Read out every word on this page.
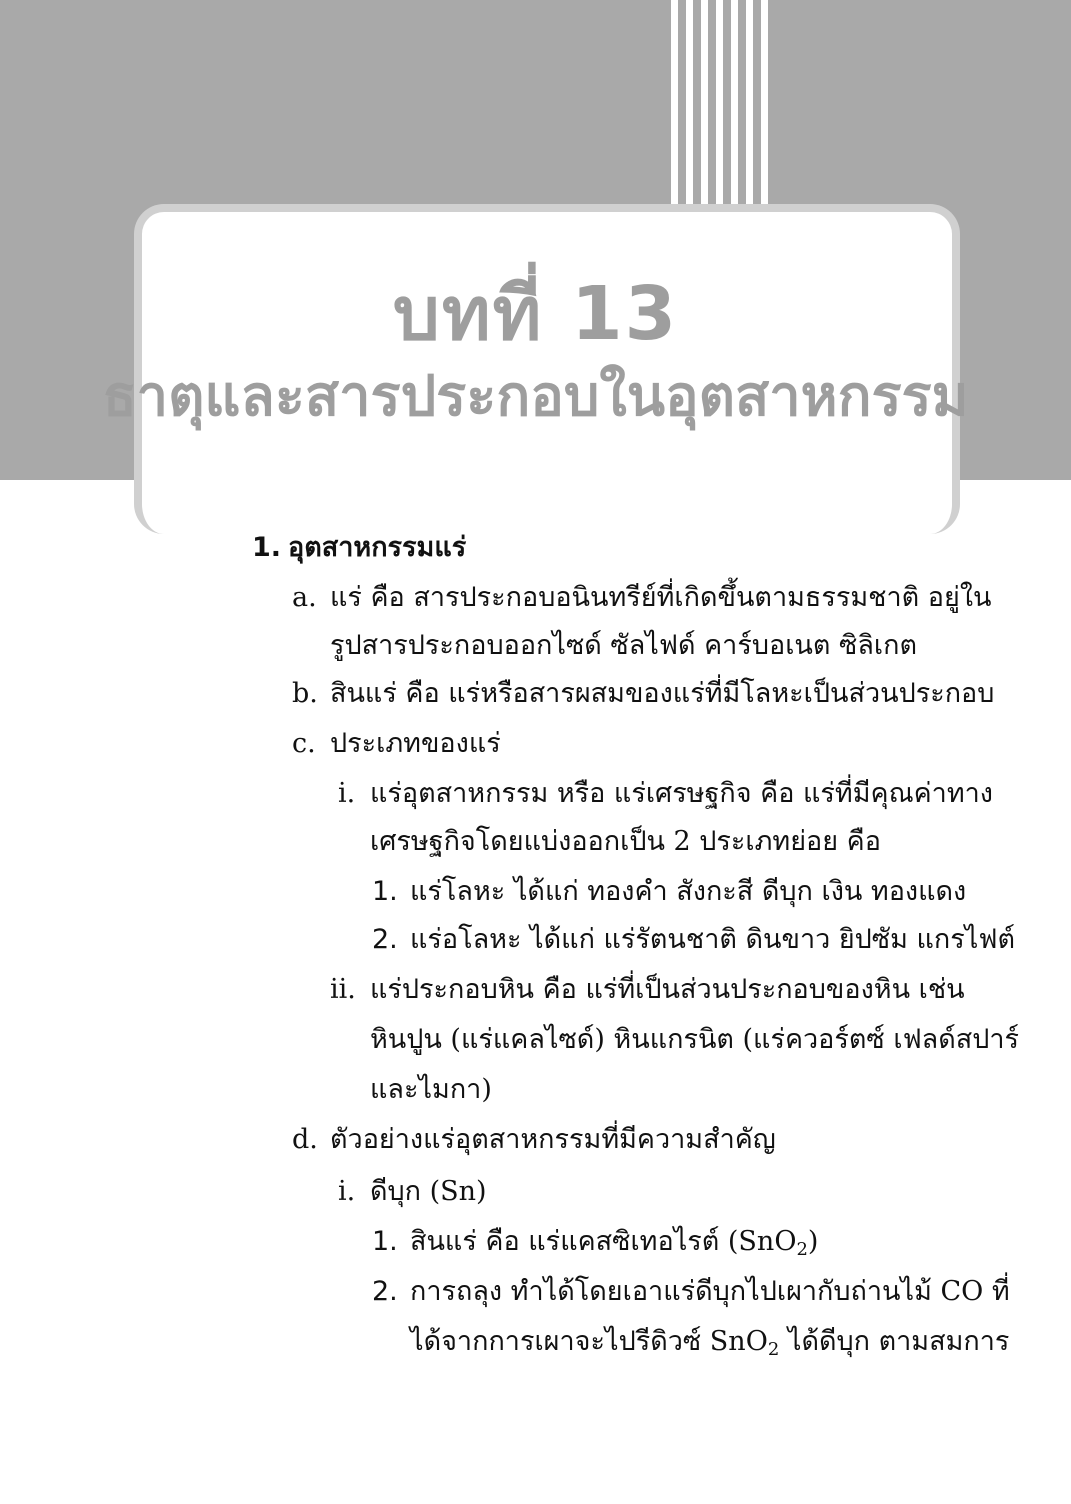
บทที่ 13
ธาตุและสารประกอบในอุตสาหกรรม
1. อุตสาหกรรมแร่
a. แร่ คือ สารประกอบอนินทรีย์ที่เกิดขึ้นตามธรรมชาติ อยู่ใน
รูปสารประกอบออกไซด์ ซัลไฟด์ คาร์บอเนต ซิลิเกต
b. สินแร่ คือ แร่หรือสารผสมของแร่ที่มีโลหะเป็นส่วนประกอบ
c. ประเภทของแร่
i. แร่อุตสาหกรรม หรือ แร่เศรษฐกิจ คือ แร่ที่มีคุณค่าทาง
เศรษฐกิจโดยแบ่งออกเป็น 2 ประเภทย่อย คือ
1. แร่โลหะ ได้แก่ ทองคำ สังกะสี ดีบุก เงิน ทองแดง
2. แร่อโลหะ ได้แก่ แร่รัตนชาติ ดินขาว ยิปซัม แกรไฟต์
ii. แร่ประกอบหิน คือ แร่ที่เป็นส่วนประกอบของหิน เช่น
หินปูน (แร่แคลไซด์) หินแกรนิต (แร่ควอร์ตซ์ เฟลด์สปาร์
และไมกา)
d. ตัวอย่างแร่อุตสาหกรรมที่มีความสำคัญ
i. ดีบุก (Sn)
1. สินแร่ คือ แร่แคสซิเทอไรต์ (SnO$_2$)
2. การถลุง ทำได้โดยเอาแร่ดีบุกไปเผากับถ่านไม้ CO ที่
ได้จากการเผาจะไปรีดิวซ์ SnO$_2$ ได้ดีบุก ตามสมการ
